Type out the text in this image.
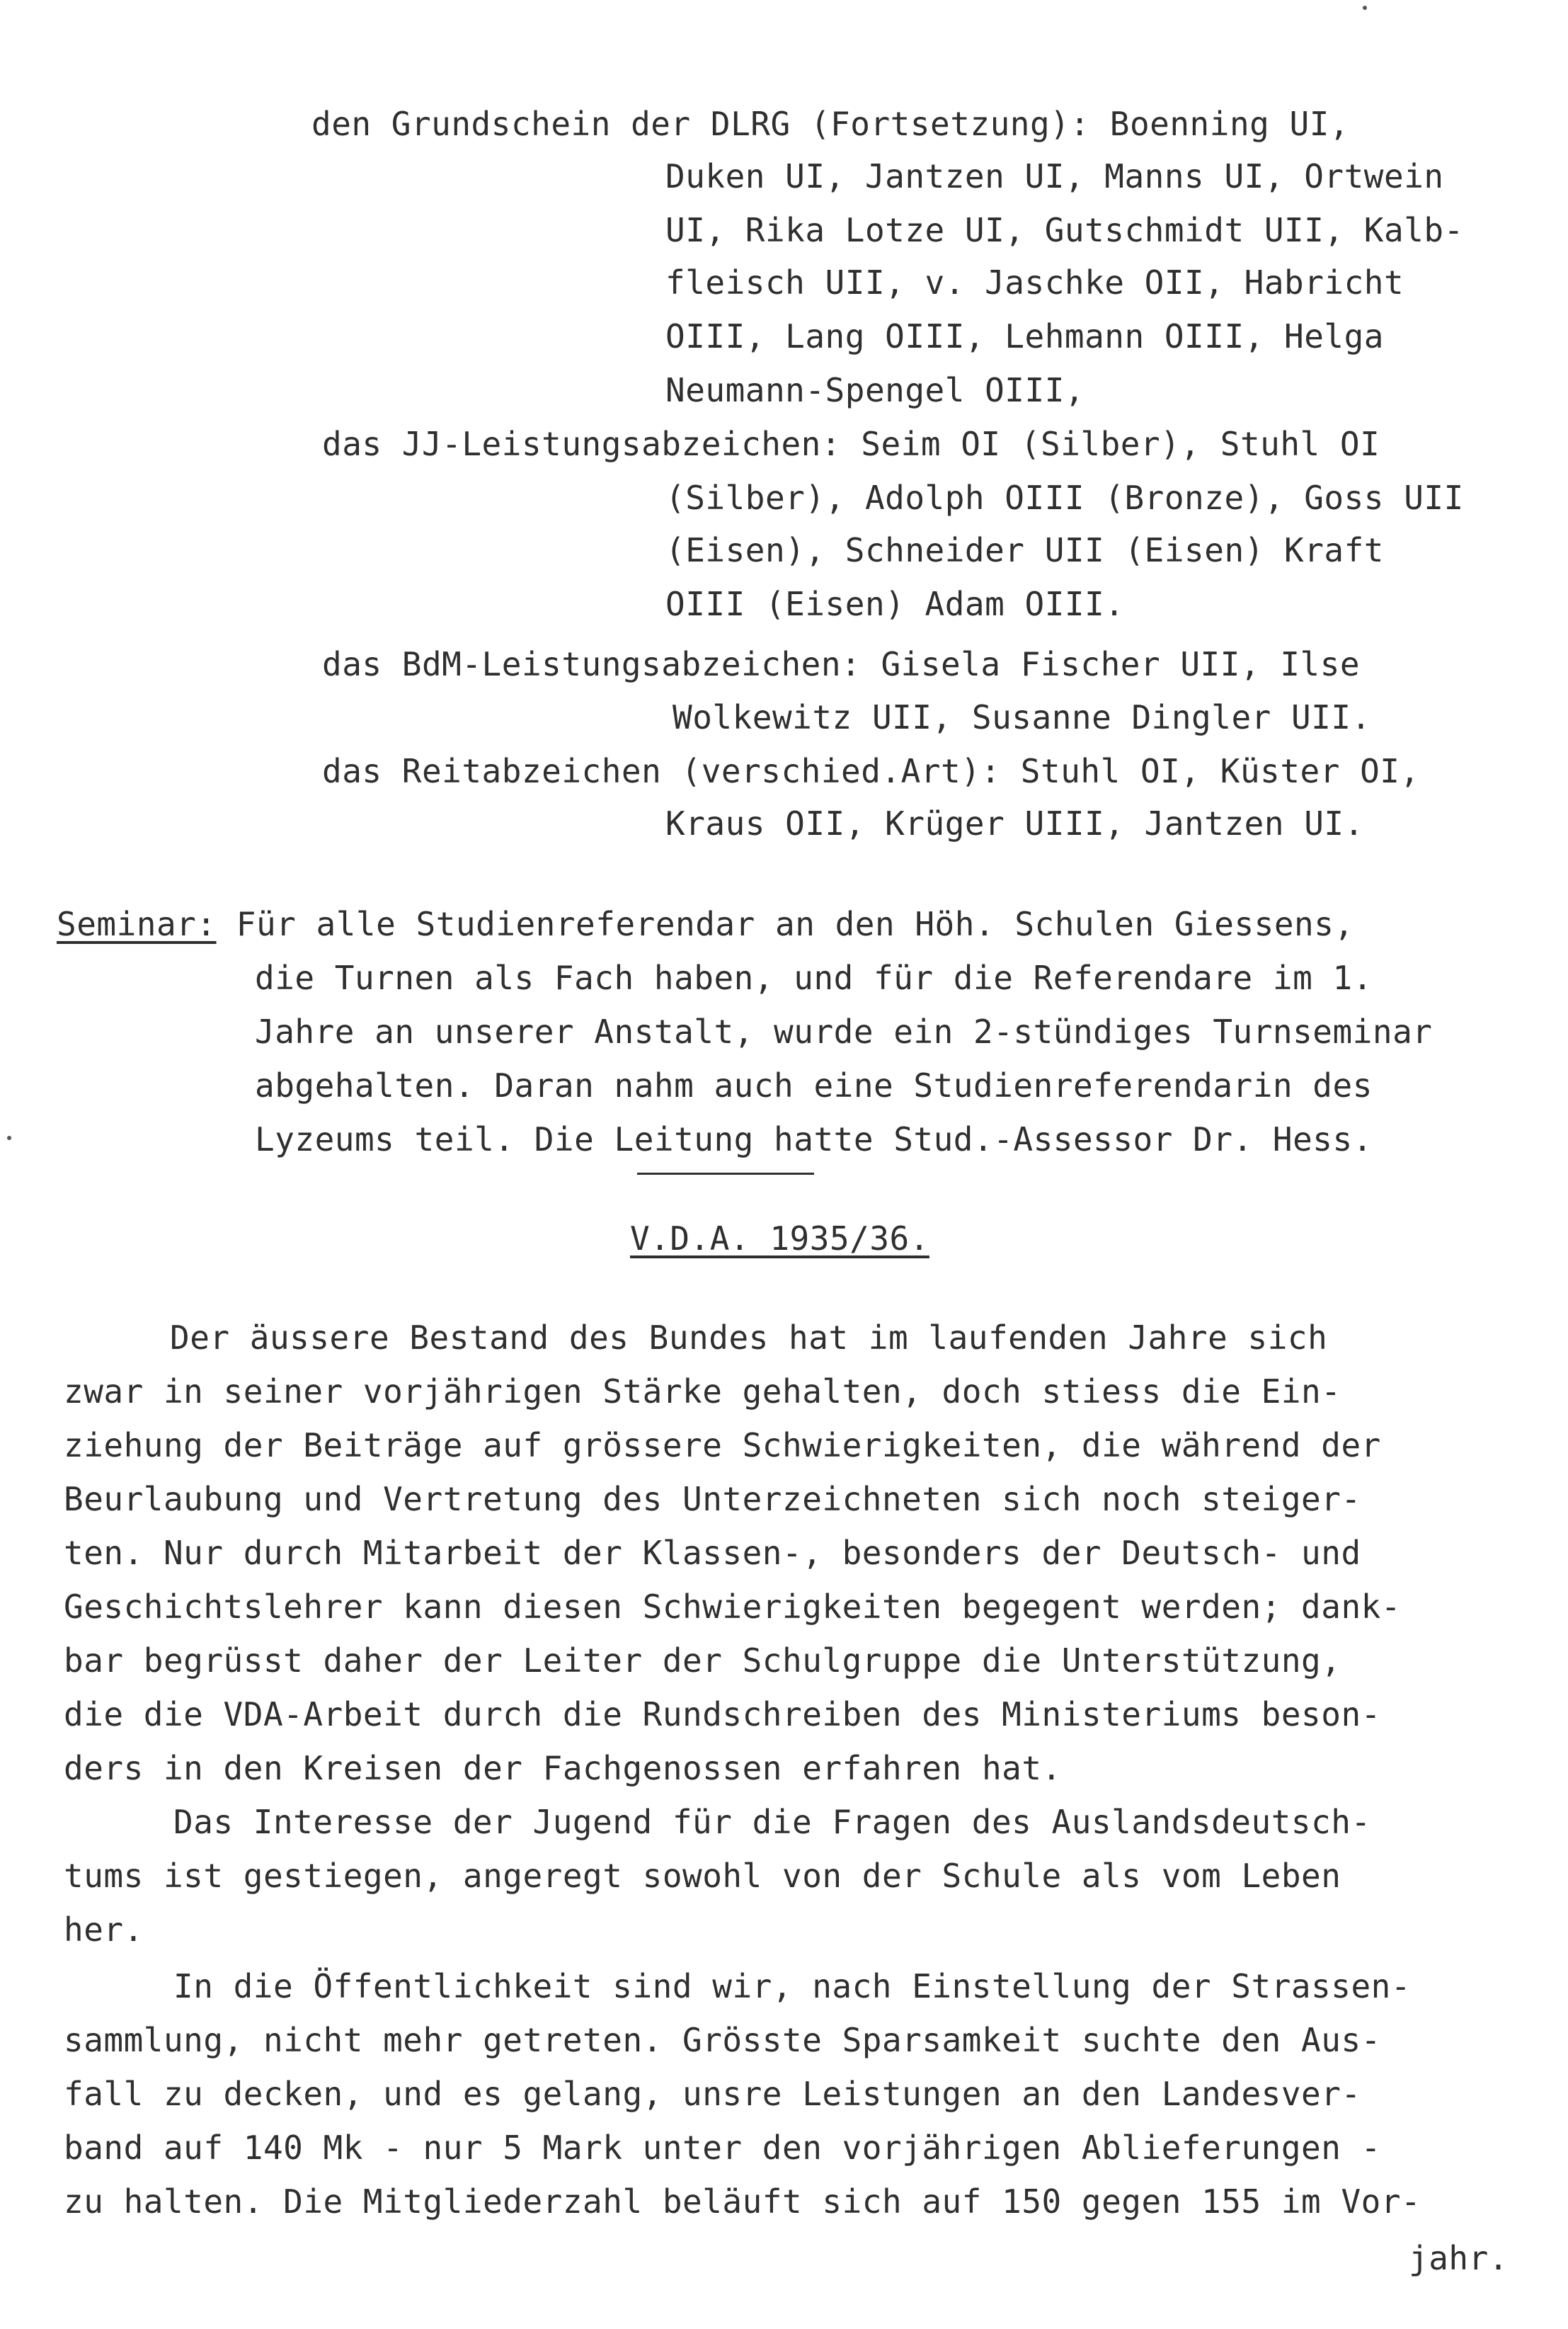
den Grundschein der DLRG (Fortsetzung): Boenning UI,
Duken UI, Jantzen UI, Manns UI, Ortwein
UI, Rika Lotze UI, Gutschmidt UII, Kalb-
fleisch UII, v. Jaschke OII, Habricht
OIII, Lang OIII, Lehmann OIII, Helga
Neumann-Spengel OIII,
das JJ-Leistungsabzeichen: Seim OI (Silber), Stuhl OI
(Silber), Adolph OIII (Bronze), Goss UII
(Eisen), Schneider UII (Eisen) Kraft
OIII (Eisen) Adam OIII.
das BdM-Leistungsabzeichen: Gisela Fischer UII, Ilse
Wolkewitz UII, Susanne Dingler UII.
das Reitabzeichen (verschied.Art): Stuhl OI, Küster OI,
Kraus OII, Krüger UIII, Jantzen UI.
Seminar: Für alle Studienreferendar an den Höh. Schulen Giessens,
die Turnen als Fach haben, und für die Referendare im 1.
Jahre an unserer Anstalt, wurde ein 2-stündiges Turnseminar
abgehalten. Daran nahm auch eine Studienreferendarin des
Lyzeums teil. Die Leitung hatte Stud.-Assessor Dr. Hess.
V.D.A. 1935/36.
Der äussere Bestand des Bundes hat im laufenden Jahre sich
zwar in seiner vorjährigen Stärke gehalten, doch stiess die Ein-
ziehung der Beiträge auf grössere Schwierigkeiten, die während der
Beurlaubung und Vertretung des Unterzeichneten sich noch steiger-
ten. Nur durch Mitarbeit der Klassen-, besonders der Deutsch- und
Geschichtslehrer kann diesen Schwierigkeiten begegent werden; dank-
bar begrüsst daher der Leiter der Schulgruppe die Unterstützung,
die die VDA-Arbeit durch die Rundschreiben des Ministeriums beson-
ders in den Kreisen der Fachgenossen erfahren hat.
Das Interesse der Jugend für die Fragen des Auslandsdeutsch-
tums ist gestiegen, angeregt sowohl von der Schule als vom Leben
her.
In die Öffentlichkeit sind wir, nach Einstellung der Strassen-
sammlung, nicht mehr getreten. Grösste Sparsamkeit suchte den Aus-
fall zu decken, und es gelang, unsre Leistungen an den Landesver-
band auf 140 Mk - nur 5 Mark unter den vorjährigen Ablieferungen -
zu halten. Die Mitgliederzahl beläuft sich auf 150 gegen 155 im Vor-
jahr.
